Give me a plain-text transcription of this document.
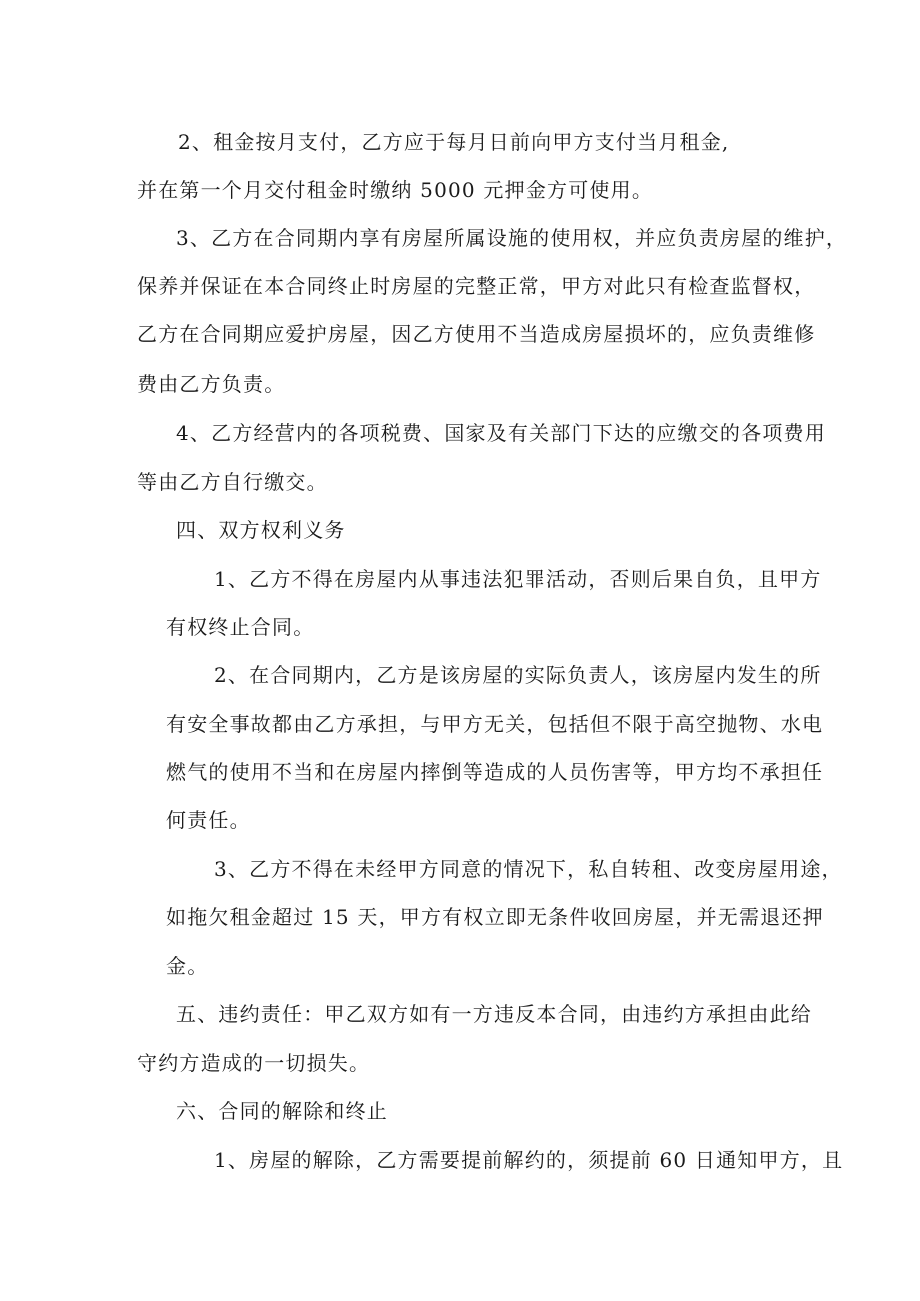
2、租金按月支付，乙方应于每月日前向甲方支付当月租金,
并在第一个月交付租金时缴纳 5000 元押金方可使用。
3、乙方在合同期内享有房屋所属设施的使用权，并应负责房屋的维护，
保养并保证在本合同终止时房屋的完整正常，甲方对此只有检查监督权，
乙方在合同期应爱护房屋，因乙方使用不当造成房屋损坏的，应负责维修
费由乙方负责。
4、乙方经营内的各项税费、国家及有关部门下达的应缴交的各项费用
等由乙方自行缴交。
四、双方权利义务
1、乙方不得在房屋内从事违法犯罪活动，否则后果自负，且甲方
有权终止合同。
2、在合同期内，乙方是该房屋的实际负责人，该房屋内发生的所
有安全事故都由乙方承担，与甲方无关，包括但不限于高空抛物、水电
燃气的使用不当和在房屋内摔倒等造成的人员伤害等，甲方均不承担任
何责任。
3、乙方不得在未经甲方同意的情况下，私自转租、改变房屋用途，
如拖欠租金超过 15 天，甲方有权立即无条件收回房屋，并无需退还押
金。
五、违约责任：甲乙双方如有一方违反本合同，由违约方承担由此给
守约方造成的一切损失。
六、合同的解除和终止
1、房屋的解除，乙方需要提前解约的，须提前 60 日通知甲方，且
